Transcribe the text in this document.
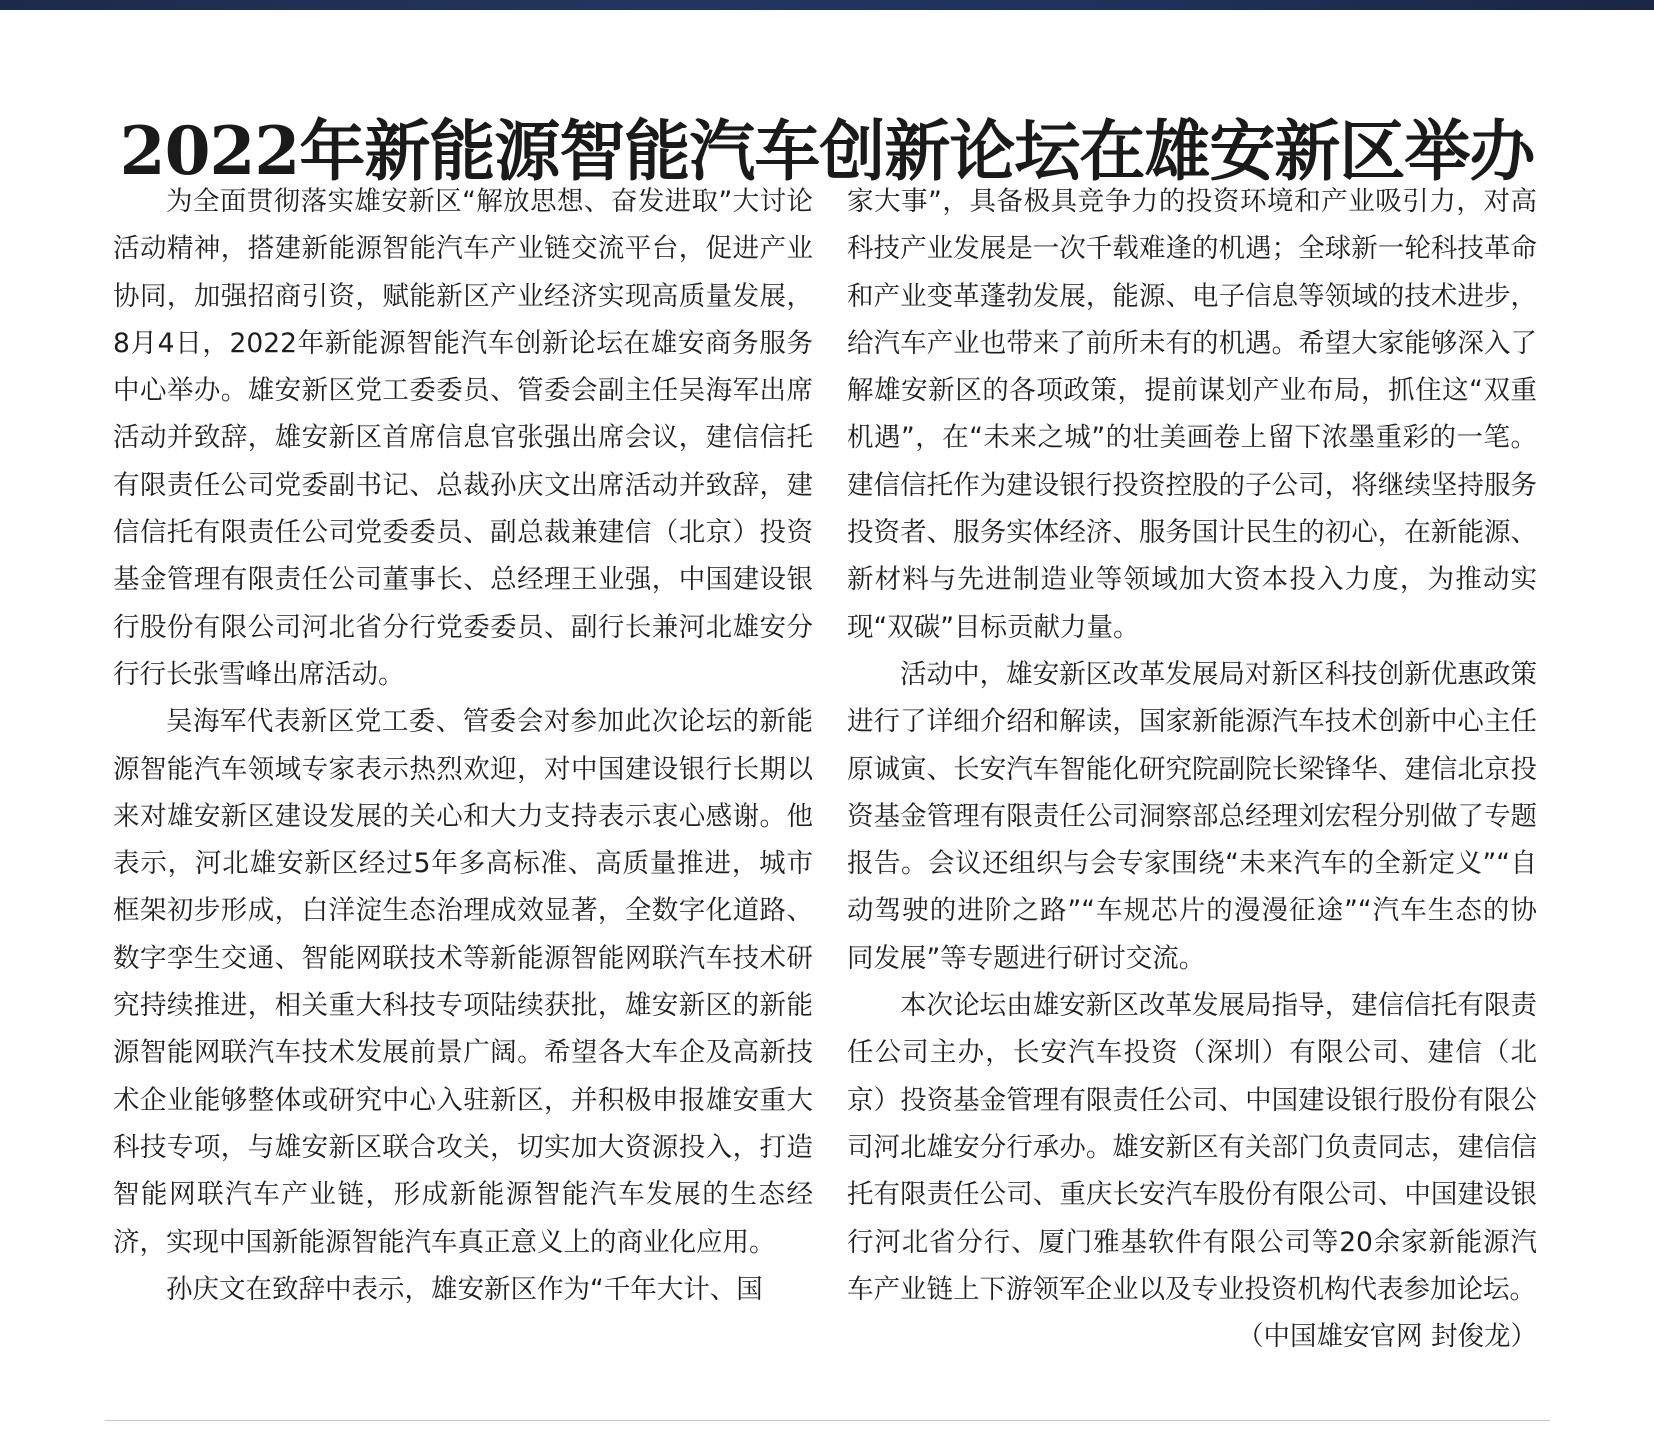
2022年新能源智能汽车创新论坛在雄安新区举办

为全面贯彻落实雄安新区“解放思想、奋发进取”大讨论活动精神，搭建新能源智能汽车产业链交流平台，促进产业协同，加强招商引资，赋能新区产业经济实现高质量发展，8月4日，2022年新能源智能汽车创新论坛在雄安商务服务中心举办。雄安新区党工委委员、管委会副主任吴海军出席活动并致辞，雄安新区首席信息官张强出席会议，建信信托有限责任公司党委副书记、总裁孙庆文出席活动并致辞，建信信托有限责任公司党委委员、副总裁兼建信（北京）投资基金管理有限责任公司董事长、总经理王业强，中国建设银行股份有限公司河北省分行党委委员、副行长兼河北雄安分行行长张雪峰出席活动。

吴海军代表新区党工委、管委会对参加此次论坛的新能源智能汽车领域专家表示热烈欢迎，对中国建设银行长期以来对雄安新区建设发展的关心和大力支持表示衷心感谢。他表示，河北雄安新区经过5年多高标准、高质量推进，城市框架初步形成，白洋淀生态治理成效显著，全数字化道路、数字孪生交通、智能网联技术等新能源智能网联汽车技术研究持续推进，相关重大科技专项陆续获批，雄安新区的新能源智能网联汽车技术发展前景广阔。希望各大车企及高新技术企业能够整体或研究中心入驻新区，并积极申报雄安重大科技专项，与雄安新区联合攻关，切实加大资源投入，打造智能网联汽车产业链，形成新能源智能汽车发展的生态经济，实现中国新能源智能汽车真正意义上的商业化应用。

孙庆文在致辞中表示，雄安新区作为“千年大计、国

家大事”，具备极具竞争力的投资环境和产业吸引力，对高科技产业发展是一次千载难逢的机遇；全球新一轮科技革命和产业变革蓬勃发展，能源、电子信息等领域的技术进步，给汽车产业也带来了前所未有的机遇。希望大家能够深入了解雄安新区的各项政策，提前谋划产业布局，抓住这“双重机遇”，在“未来之城”的壮美画卷上留下浓墨重彩的一笔。建信信托作为建设银行投资控股的子公司，将继续坚持服务投资者、服务实体经济、服务国计民生的初心，在新能源、新材料与先进制造业等领域加大资本投入力度，为推动实现“双碳”目标贡献力量。

活动中，雄安新区改革发展局对新区科技创新优惠政策进行了详细介绍和解读，国家新能源汽车技术创新中心主任原诚寅、长安汽车智能化研究院副院长梁锋华、建信北京投资基金管理有限责任公司洞察部总经理刘宏程分别做了专题报告。会议还组织与会专家围绕“未来汽车的全新定义”“自动驾驶的进阶之路”“车规芯片的漫漫征途”“汽车生态的协同发展”等专题进行研讨交流。

本次论坛由雄安新区改革发展局指导，建信信托有限责任公司主办，长安汽车投资（深圳）有限公司、建信（北京）投资基金管理有限责任公司、中国建设银行股份有限公司河北雄安分行承办。雄安新区有关部门负责同志，建信信托有限责任公司、重庆长安汽车股份有限公司、中国建设银行河北省分行、厦门雅基软件有限公司等20余家新能源汽车产业链上下游领军企业以及专业投资机构代表参加论坛。
（中国雄安官网 封俊龙）
